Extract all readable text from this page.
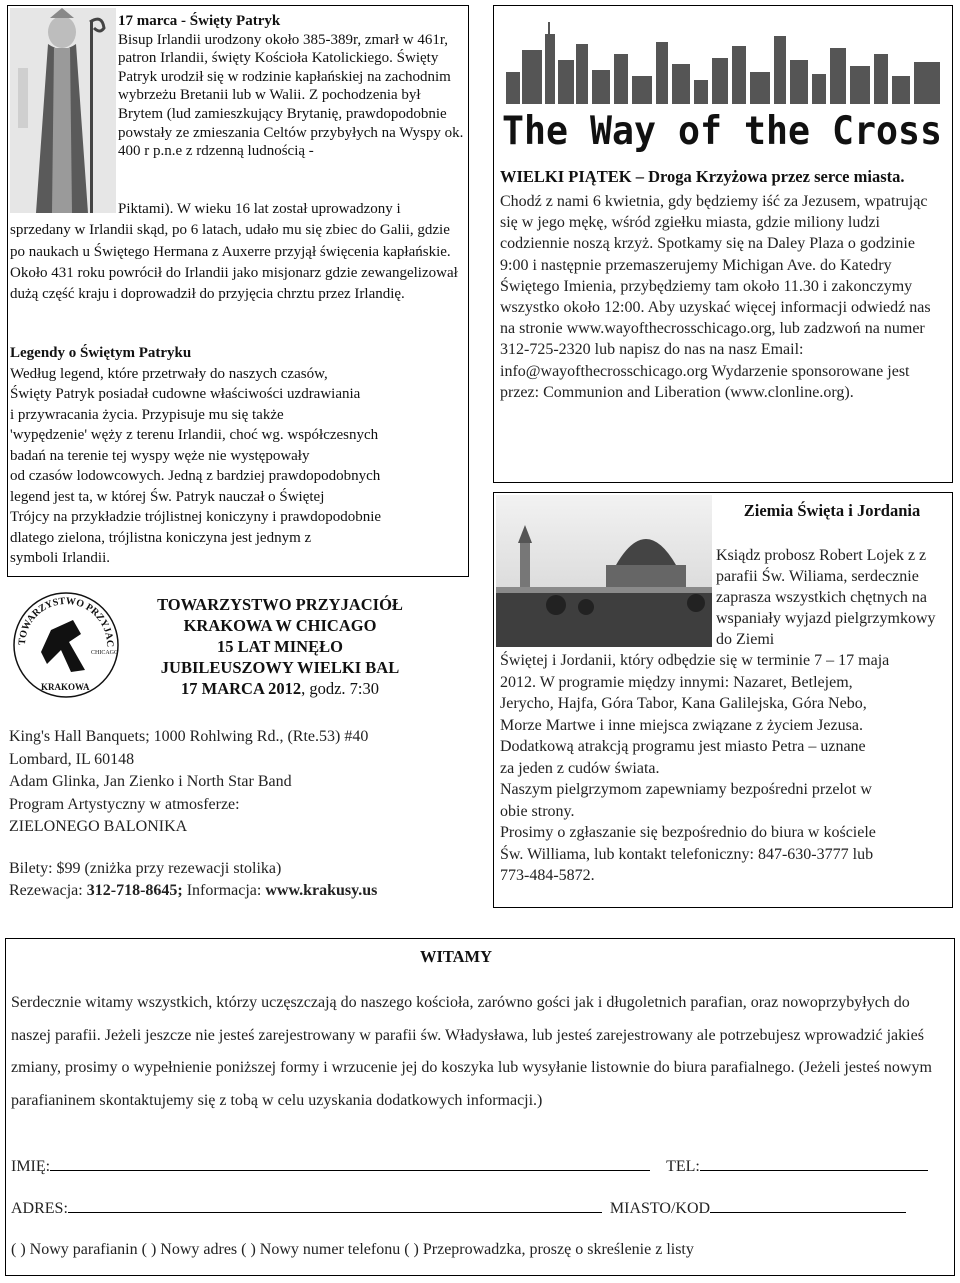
17 marca - Święty Patryk
Bisup Irlandii urodzony około 385-389r, zmarł w 461r, patron Irlandii, święty Kościoła Katolickiego. Święty Patryk urodził się w rodzinie kapłańskiej na zachodnim wybrzeżu Bretanii lub w Walii. Z pochodzenia był Brytem (lud zamieszkujący Brytanię, prawdopodobnie powstały ze zmieszania Celtów przybyłych na Wyspy ok. 400 r p.n.e z rdzenną ludnością -
Piktami). W wieku 16 lat został uprowadzony i
sprzedany w Irlandii skąd, po 6 latach, udało mu się zbiec do Galii, gdzie po naukach u Świętego Hermana z Auxerre przyjął święcenia kapłańskie. Około 431 roku powrócił do Irlandii jako misjonarz gdzie zewangelizował dużą część kraju i doprowadził do przyjęcia chrztu przez Irlandię.
Legendy o Świętym Patryku
Według legend, które przetrwały do naszych czasów,
Święty Patryk posiadał cudowne właściwości uzdrawiania
i przywracania życia. Przypisuje mu się także
'wypędzenie' węży z terenu Irlandii, choć wg. współczesnych
badań na terenie tej wyspy węże nie występowały
od czasów lodowcowych. Jedną z bardziej prawdopodobnych
legend jest ta, w której Św. Patryk nauczał o Świętej
Trójcy na przykładzie trójlistnej koniczyny i prawdopodobnie
dlatego zielona, trójlistna koniczyna jest jednym z
symboli Irlandii.
TOWARZYSTWO PRZYJAC
CHICAGO
KRAKOWA
TOWARZYSTWO PRZYJACIÓŁ
KRAKOWA W CHICAGO
15 LAT MINĘŁO
JUBILEUSZOWY WIELKI BAL
17 MARCA 2012, godz. 7:30
King's Hall Banquets; 1000 Rohlwing Rd., (Rte.53) #40
Lombard, IL 60148
Adam Glinka, Jan Zienko i North Star Band
Program Artystyczny w atmosferze:
ZIELONEGO BALONIKA
Bilety: $99 (zniżka przy rezewacji stolika)
Rezewacja: 312-718-8645; Informacja: www.krakusy.us
The Way of the Cross
WIELKI PIĄTEK – Droga Krzyżowa przez serce miasta.
Chodź z nami 6 kwietnia, gdy będziemy iść za Jezusem, wpatrując się w jego mękę, wśród zgiełku miasta, gdzie miliony ludzi codziennie noszą krzyż. Spotkamy się na Daley Plaza o godzinie 9:00 i następnie przemaszerujemy Michigan Ave. do Katedry Świętego Imienia, przybędziemy tam około 11.30 i zakonczymy wszystko około 12:00. Aby uzyskać więcej informacji odwiedź nas na stronie www.wayofthecrosschicago.org, lub zadzwoń na numer 312-725-2320 lub napisz do nas na nasz Email: info@wayofthecrosschicago.org Wydarzenie sponsorowane jest przez: Communion and Liberation (www.clonline.org).
Ziemia Święta i Jordania
Ksiądz probosz Robert Lojek z z parafii Św. Wiliama, serdecznie zaprasza wszystkich chętnych na wspaniały wyjazd pielgrzymkowy do Ziemi
Świętej i Jordanii, który odbędzie się w terminie 7 – 17 maja
2012. W programie między innymi: Nazaret, Betlejem,
Jerycho, Hajfa, Góra Tabor, Kana Galilejska, Góra Nebo,
Morze Martwe i inne miejsca związane z życiem Jezusa.
Dodatkową atrakcją programu jest miasto Petra – uznane
za jeden z cudów świata.
Naszym pielgrzymom zapewniamy bezpośredni przelot w
obie strony.
Prosimy o zgłaszanie się bezpośrednio do biura w kościele
Św. Williama, lub kontakt telefoniczny: 847-630-3777 lub
773-484-5872.
WITAMY
Serdecznie witamy wszystkich, którzy uczęszczają do naszego kościoła, zarówno gości jak i długoletnich parafian, oraz nowoprzybyłych do naszej parafii. Jeżeli jeszcze nie jesteś zarejestrowany w parafii św. Władysława, lub jesteś zarejestrowany ale potrzebujesz wprowadzić jakieś zmiany, prosimy o wypełnienie poniższej formy i wrzucenie jej do koszyka lub wysyłanie listownie do biura parafialnego. (Jeżeli jesteś nowym parafianinem skontaktujemy się z tobą w celu uzyskania dodatkowych informacji.)
IMIĘ:	TEL:
ADRES:	MIASTO/KOD
( ) Nowy parafianin ( ) Nowy adres ( ) Nowy numer telefonu ( ) Przeprowadzka, proszę o skreślenie z listy
